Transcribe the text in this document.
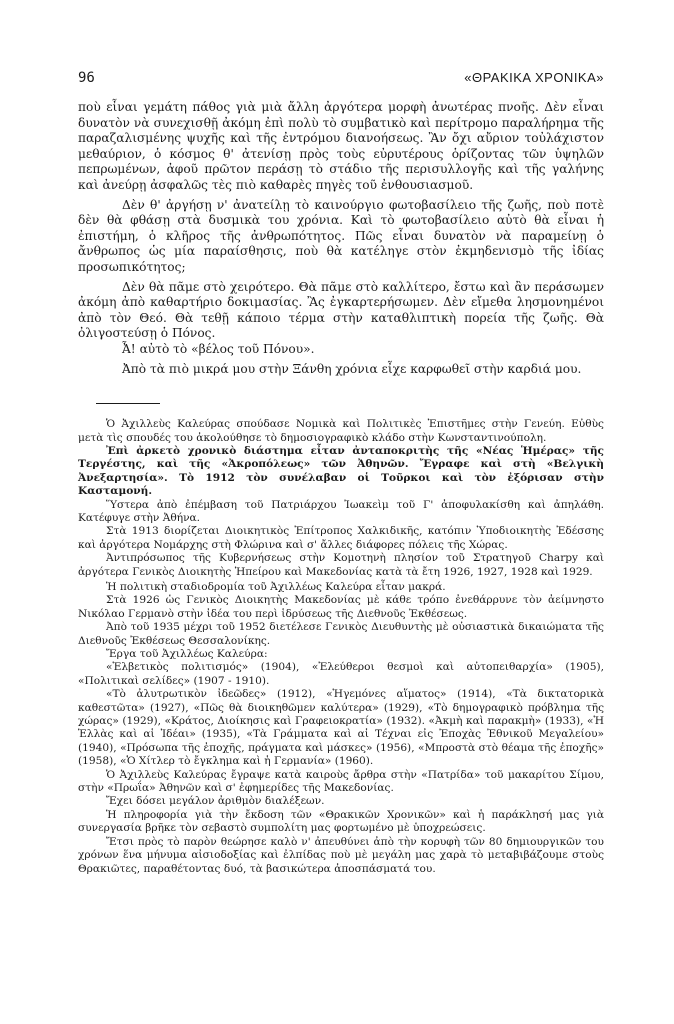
96	«ΘΡΑΚΙΚΑ ΧΡΟΝΙΚΑ»

ποὺ εἶναι γεμάτη πάθος γιὰ μιὰ ἄλλη ἀργότερα μορφὴ ἀνωτέρας πνοῆς. Δὲν εἶναι δυνατὸν νὰ συνεχισθῇ ἀκόμη ἐπὶ πολὺ τὸ συμβατικὸ καὶ περίτρομο παραλήρημα τῆς παραζαλισμένης ψυχῆς καὶ τῆς ἐντρόμου διανοήσεως. Ἂν ὄχι αὔριον τοὐλάχιστον μεθαύριον, ὁ κόσμος θ' ἀτενίσῃ πρὸς τοὺς εὐρυτέρους ὁρίζοντας τῶν ὑψηλῶν πεπρωμένων, ἀφοῦ πρῶτον περάσῃ τὸ στάδιο τῆς περισυλλογῆς καὶ τῆς γαλήνης καὶ ἀνεύρῃ ἀσφαλῶς τὲς πιὸ καθαρὲς πηγὲς τοῦ ἐνθουσιασμοῦ.

Δὲν θ' ἀργήσῃ ν' ἀνατείλῃ τὸ καινούργιο φωτοβασίλειο τῆς ζωῆς, ποὺ ποτὲ δὲν θὰ φθάσῃ στὰ δυσμικὰ του χρόνια. Καὶ τὸ φωτοβασίλειο αὐτὸ θὰ εἶναι ἡ ἐπιστήμη, ὁ κλῆρος τῆς ἀνθρωπότητος. Πῶς εἶναι δυνατὸν νὰ παραμείνῃ ὁ ἄνθρωπος ὡς μία παραίσθησις, ποὺ θὰ κατέληγε στὸν ἐκμηδενισμὸ τῆς ἰδίας προσωπικότητος;

Δὲν θὰ πᾶμε στὸ χειρότερο. Θὰ πᾶμε στὸ καλλίτερο, ἔστω καὶ ἂν περάσωμεν ἀκόμη ἀπὸ καθαρτήριο δοκιμασίας. Ἂς ἐγκαρτερήσωμεν. Δὲν εἴμεθα λησμονημένοι ἀπὸ τὸν Θεό. Θὰ τεθῇ κάποιο τέρμα στὴν καταθλιπτικὴ πορεία τῆς ζωῆς. Θὰ ὀλιγοστεύσῃ ὁ Πόνος.

Ἆ! αὐτὸ τὸ «βέλος τοῦ Πόνου».

Ἀπὸ τὰ πιὸ μικρά μου στὴν Ξάνθη χρόνια εἶχε καρφωθεῖ στὴν καρδιά μου.

Ὁ Ἀχιλλεὺς Καλεύρας σπούδασε Νομικὰ καὶ Πολιτικὲς Ἐπιστῆμες στὴν Γενεύη. Εὐθὺς μετὰ τὶς σπουδές του ἀκολούθησε τὸ δημοσιογραφικὸ κλάδο στὴν Κωνσταντινούπολη.

Ἐπὶ ἀρκετὸ χρονικὸ διάστημα εἶταν ἀνταποκριτὴς τῆς «Νέας Ἡμέρας» τῆς Τεργέστης, καὶ τῆς «Ἀκροπόλεως» τῶν Ἀθηνῶν. Ἔγραφε καὶ στὴ «Βελγικὴ Ἀνεξαρτησία». Τὸ 1912 τὸν συνέλαβαν οἱ Τοῦρκοι καὶ τὸν ἐξόρισαν στὴν Κασταμονή.

Ὕστερα ἀπὸ ἐπέμβαση τοῦ Πατριάρχου Ἰωακεὶμ τοῦ Γ' ἀποφυλακίσθη καὶ ἀπηλάθη. Κατέφυγε στὴν Ἀθήνα.

Στὰ 1913 διορίζεται Διοικητικὸς Ἐπίτροπος Χαλκιδικῆς, κατόπιν Ὑποδιοικητὴς Ἐδέσσης καὶ ἀργότερα Νομάρχης στὴ Φλώρινα καὶ σ' ἄλλες διάφορες πόλεις τῆς Χώρας.

Ἀντιπρόσωπος τῆς Κυβερνήσεως στὴν Κομοτηνὴ πλησίον τοῦ Στρατηγοῦ Charpy καὶ ἀργότερα Γενικὸς Διοικητὴς Ἠπείρου καὶ Μακεδονίας κατὰ τὰ ἔτη 1926, 1927, 1928 καὶ 1929.

Ἡ πολιτικὴ σταδιοδρομία τοῦ Ἀχιλλέως Καλεύρα εἶταν μακρά.

Στὰ 1926 ὡς Γενικὸς Διοικητὴς Μακεδονίας μὲ κάθε τρόπο ἐνεθάρρυνε τὸν ἀείμνηστο Νικόλαο Γερμανὸ στὴν ἰδέα του περὶ ἱδρύσεως τῆς Διεθνοῦς Ἐκθέσεως.

Ἀπὸ τοῦ 1935 μέχρι τοῦ 1952 διετέλεσε Γενικὸς Διευθυντὴς μὲ οὐσιαστικὰ δικαιώματα τῆς Διεθνοῦς Ἐκθέσεως Θεσσαλονίκης.

Ἔργα τοῦ Ἀχιλλέως Καλεύρα:

«Ἑλβετικὸς πολιτισμός» (1904), «Ἐλεύθεροι θεσμοὶ καὶ αὐτοπειθαρχία» (1905), «Πολιτικαὶ σελίδες» (1907 - 1910).

«Τὸ ἀλυτρωτικὸν ἰδεῶδες» (1912), «Ἡγεμόνες αἵματος» (1914), «Τὰ δικτατορικὰ καθεστῶτα» (1927), «Πῶς θὰ διοικηθῶμεν καλύτερα» (1929), «Τὸ δημογραφικὸ πρόβλημα τῆς χώρας» (1929), «Κράτος, Διοίκησις καὶ Γραφειοκρατία» (1932). «Ἀκμὴ καὶ παρακμὴ» (1933), «Ἡ Ἑλλὰς καὶ αἱ Ἰδέαι» (1935), «Τὰ Γράμματα καὶ αἱ Τέχναι εἰς Ἐποχὰς Ἐθνικοῦ Μεγαλείου» (1940), «Πρόσωπα τῆς ἐποχῆς, πράγματα καὶ μάσκες» (1956), «Μπροστὰ στὸ θέαμα τῆς ἐποχῆς» (1958), «Ὁ Χίτλερ τὸ ἔγκλημα καὶ ἡ Γερμανία» (1960).

Ὁ Ἀχιλλεὺς Καλεύρας ἔγραψε κατὰ καιροὺς ἄρθρα στὴν «Πατρίδα» τοῦ μακαρίτου Σίμου, στὴν «Πρωΐα» Ἀθηνῶν καὶ σ' ἐφημερίδες τῆς Μακεδονίας.

Ἔχει δόσει μεγάλον ἀριθμὸν διαλέξεων.

Ἡ πληροφορία γιὰ τὴν ἔκδοση τῶν «Θρακικῶν Χρονικῶν» καὶ ἡ παράκλησή μας γιὰ συνεργασία βρῆκε τὸν σεβαστὸ συμπολίτη μας φορτωμένο μὲ ὑποχρεώσεις.

Ἔτσι πρὸς τὸ παρὸν θεώρησε καλὸ ν' ἀπευθύνει ἀπὸ τὴν κορυφὴ τῶν 80 δημιουργικῶν του χρόνων ἕνα μήνυμα αἰσιοδοξίας καὶ ἐλπίδας ποὺ μὲ μεγάλη μας χαρὰ τὸ μεταβιβάζουμε στοὺς Θρακιῶτες, παραθέτοντας δυό, τὰ βασικώτερα ἀποσπάσματά του.
